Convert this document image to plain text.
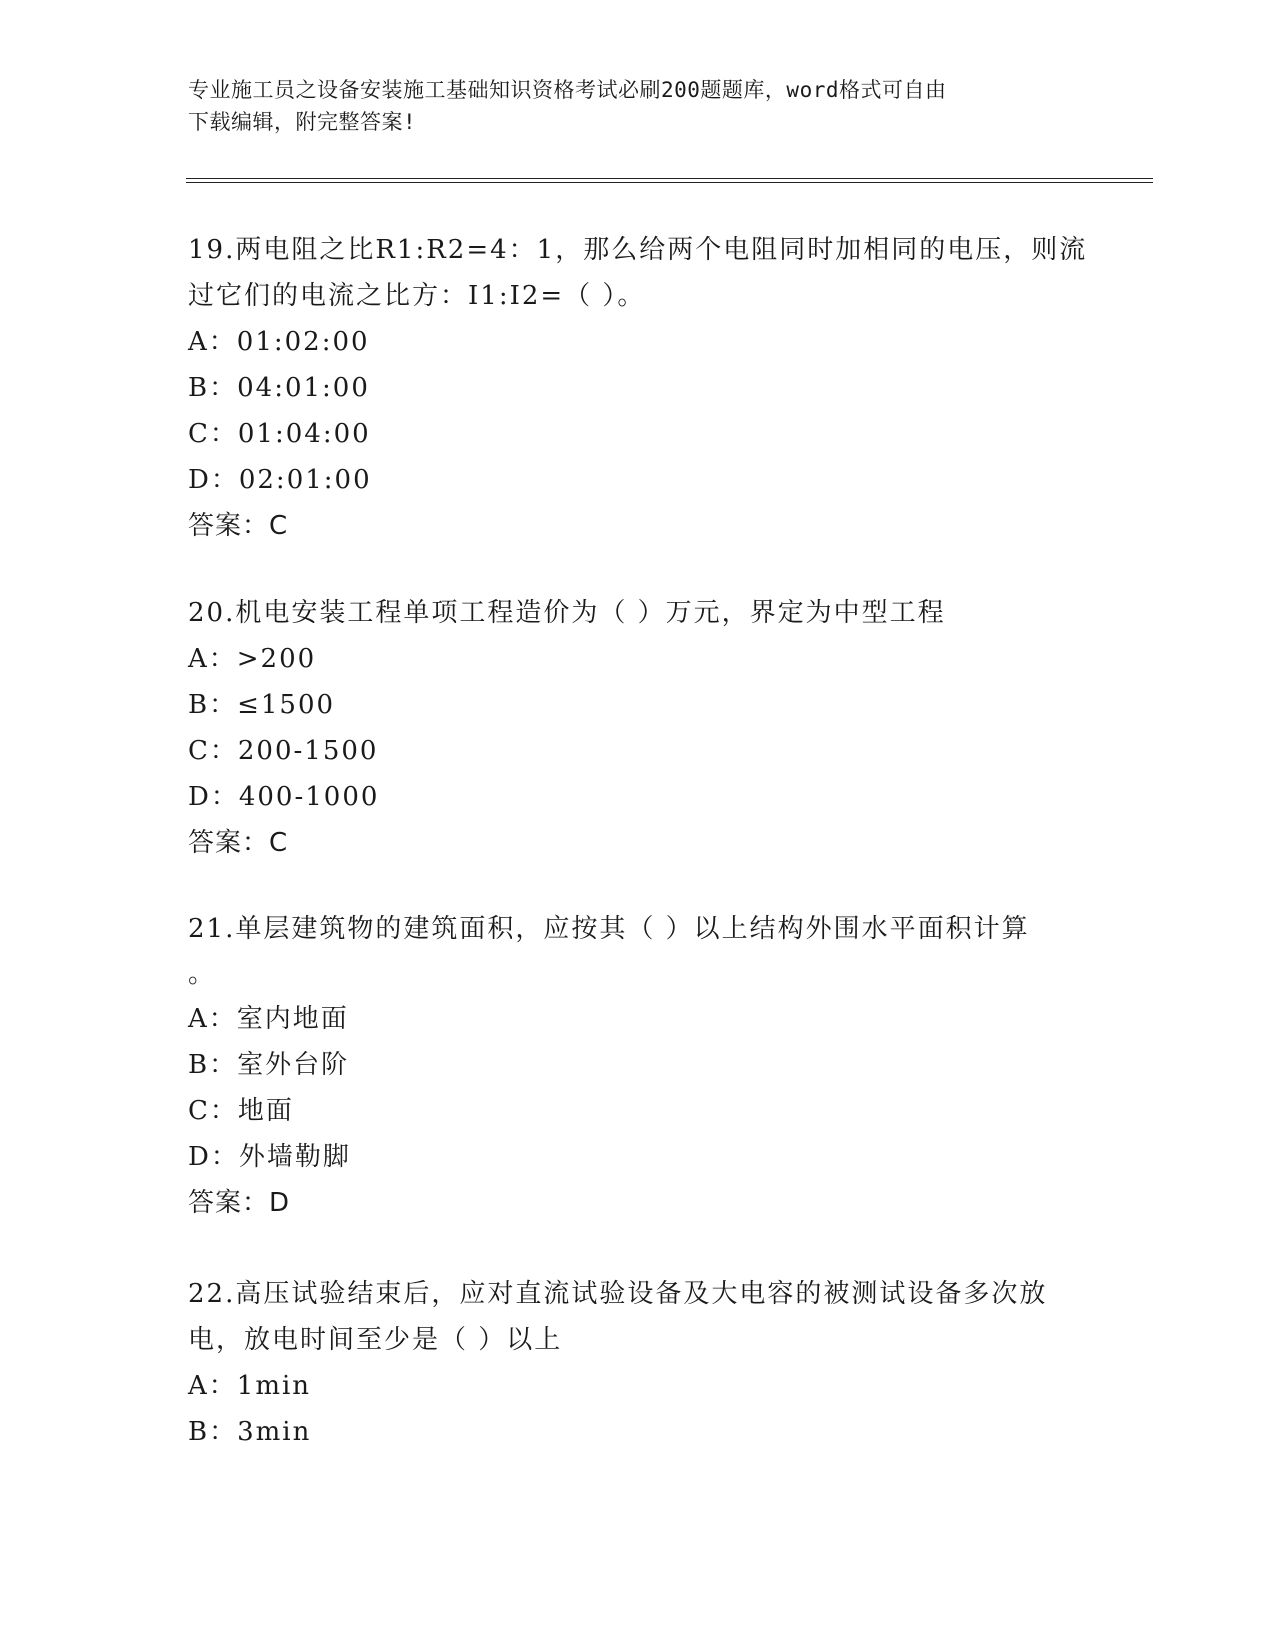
专业施工员之设备安装施工基础知识资格考试必刷200题题库，word格式可自由
下载编辑，附完整答案!

19.两电阻之比R1:R2=4：1，那么给两个电阻同时加相同的电压，则流

过它们的电流之比方：I1:I2=（ ）。

A：01:02:00

B：04:01:00

C：01:04:00

D：02:01:00

答案：C

20.机电安装工程单项工程造价为（ ）万元，界定为中型工程

A：>200

B：≤1500

C：200-1500

D：400-1000

答案：C

21.单层建筑物的建筑面积，应按其（ ）以上结构外围水平面积计算

。

A：室内地面

B：室外台阶

C：地面

D：外墙勒脚

答案：D

22.高压试验结束后，应对直流试验设备及大电容的被测试设备多次放

电，放电时间至少是（ ）以上

A：1min

B：3min
